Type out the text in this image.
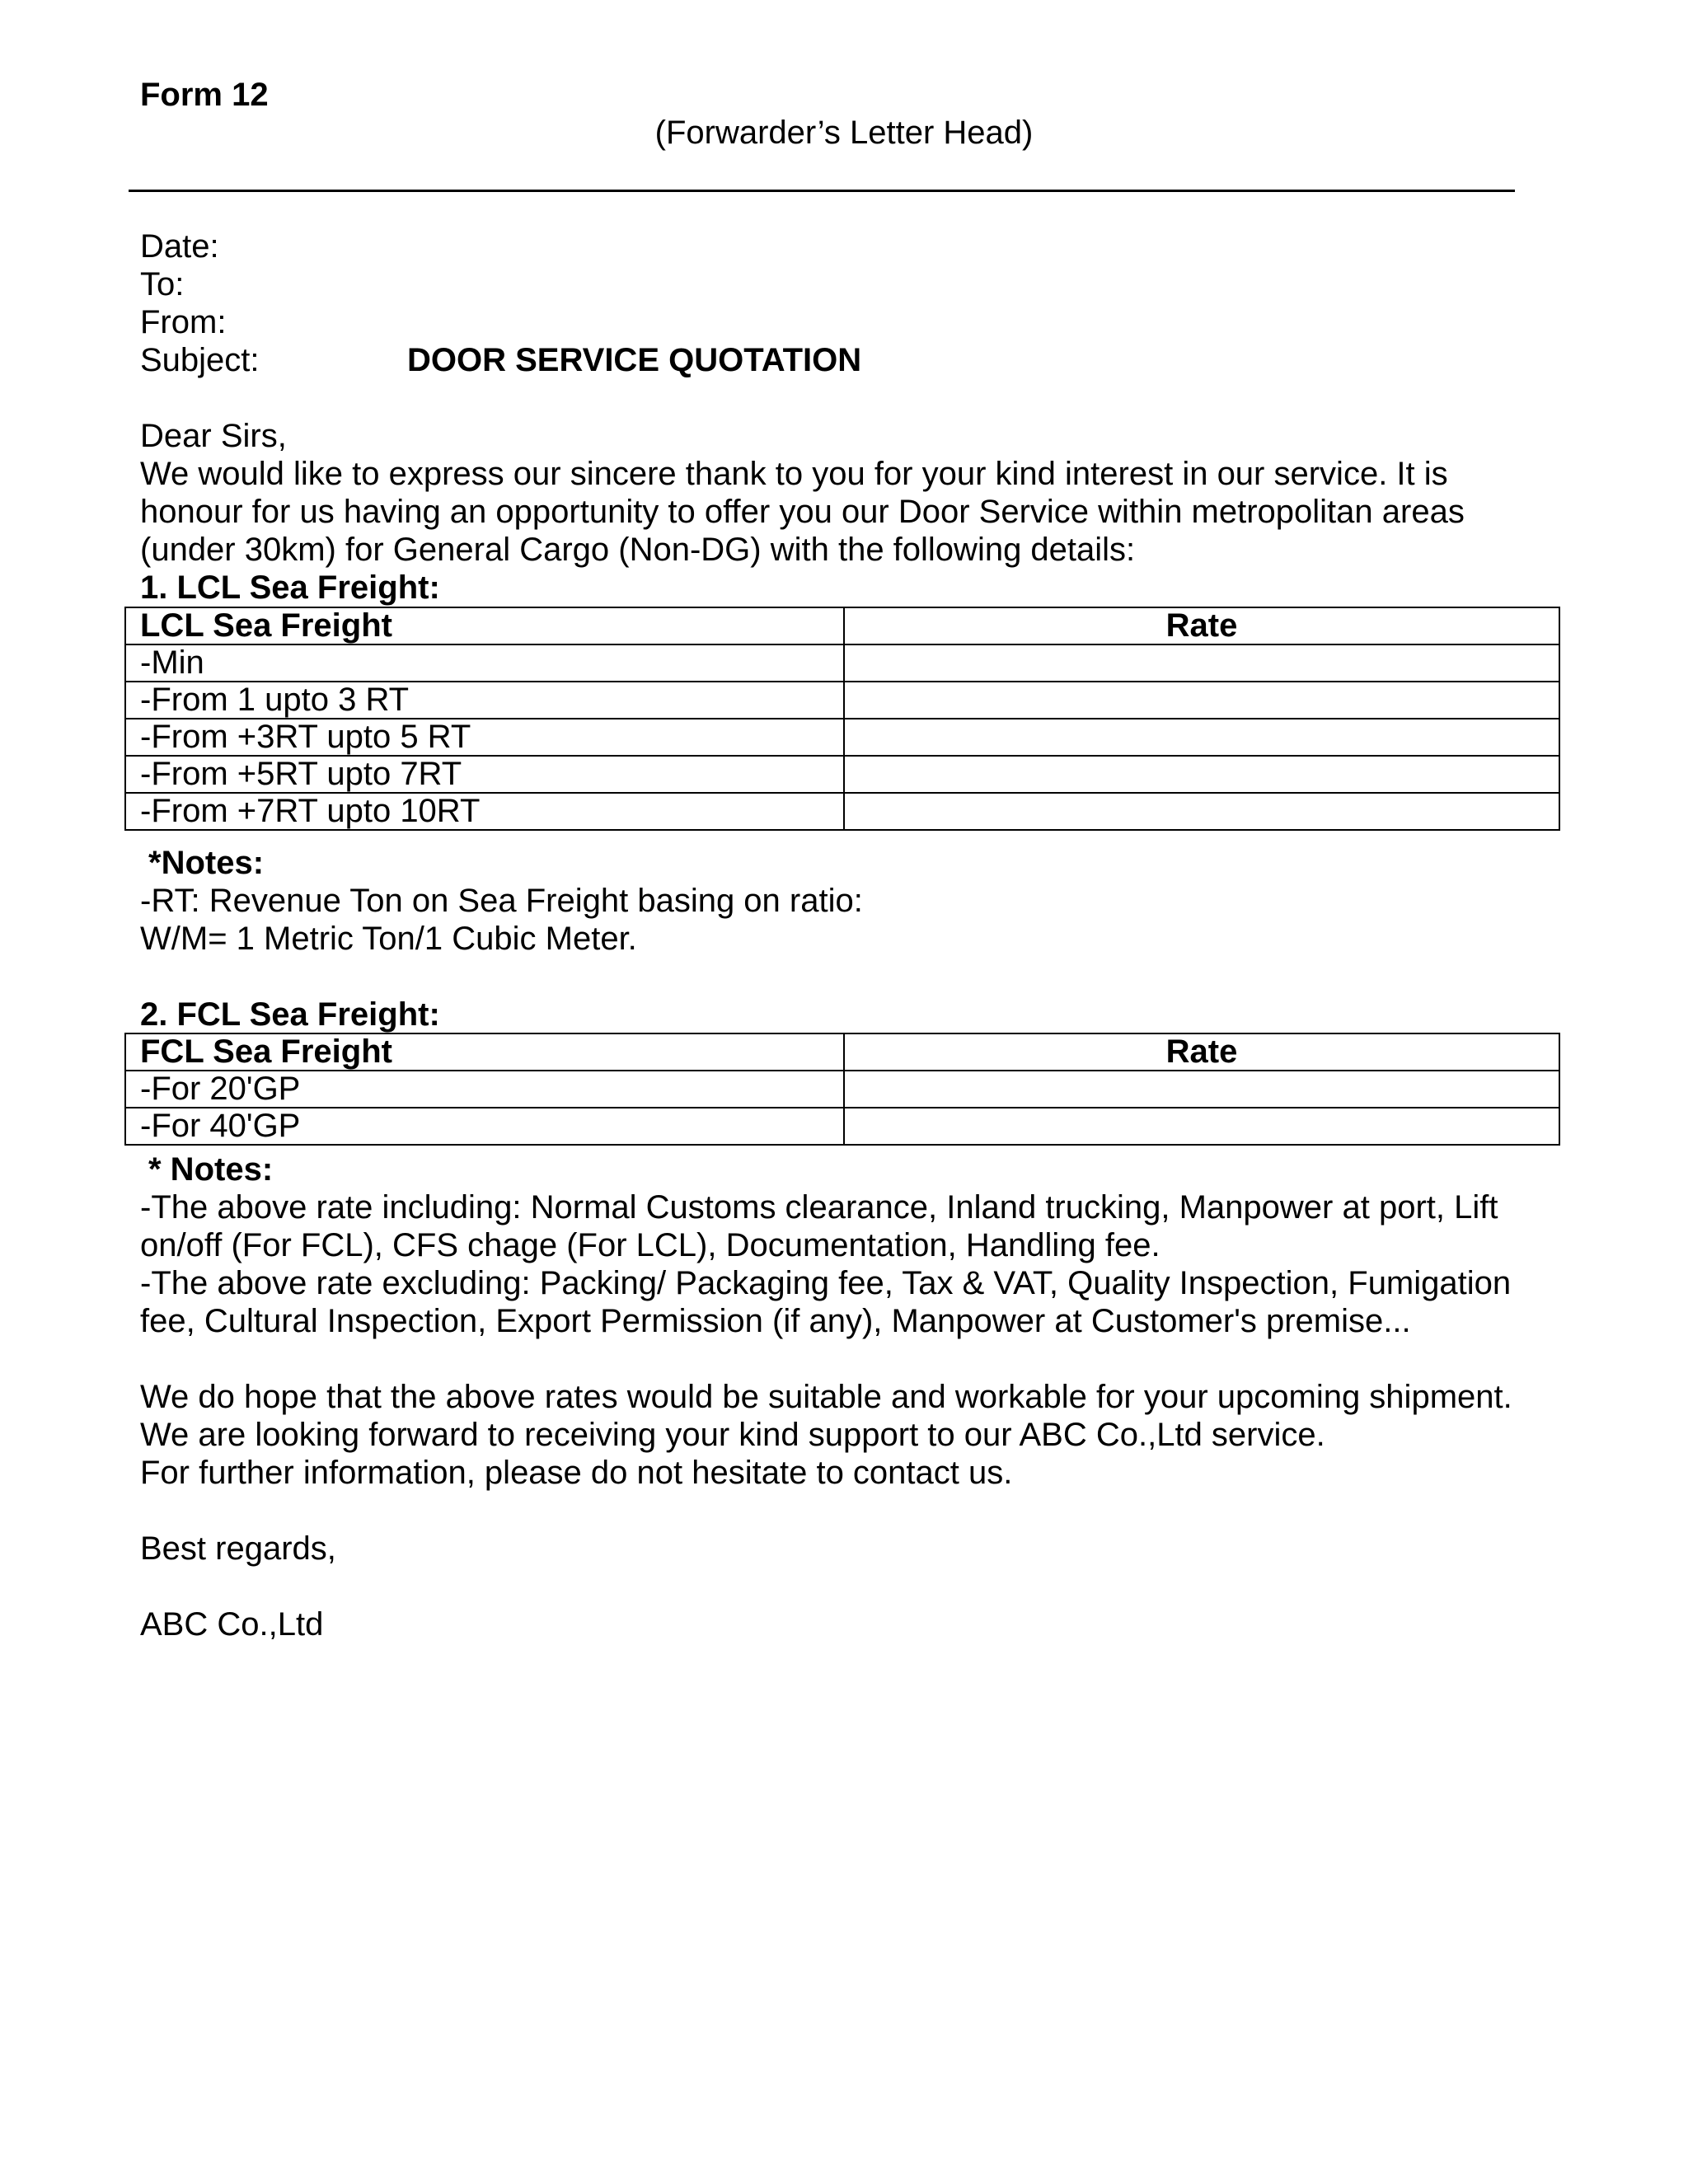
Form 12
(Forwarder’s Letter Head)
Date:
To:
From:
Subject:	DOOR SERVICE QUOTATION
Dear Sirs,
We would like to express our sincere thank to you for your kind interest in our service. It is
honour for us having an opportunity to offer you our Door Service within metropolitan areas
(under 30km) for General Cargo (Non-DG) with the following details:
1. LCL Sea Freight:
LCL Sea Freight	Rate
-Min	
-From 1 upto 3 RT	
-From +3RT upto 5 RT	
-From +5RT upto 7RT	
-From +7RT upto 10RT	
*Notes:
-RT: Revenue Ton on Sea Freight basing on ratio:
W/M= 1 Metric Ton/1 Cubic Meter.
2. FCL Sea Freight:
FCL Sea Freight	Rate
-For 20'GP	
-For 40'GP	
* Notes:
-The above rate including: Normal Customs clearance, Inland trucking, Manpower at port, Lift
on/off (For FCL), CFS chage (For LCL), Documentation, Handling fee.
-The above rate excluding: Packing/ Packaging fee, Tax & VAT, Quality Inspection, Fumigation
fee, Cultural Inspection, Export Permission (if any), Manpower at Customer's premise...
We do hope that the above rates would be suitable and workable for your upcoming shipment.
We are looking forward to receiving your kind support to our ABC Co.,Ltd service.
For further information, please do not hesitate to contact us.
Best regards,
ABC Co.,Ltd
